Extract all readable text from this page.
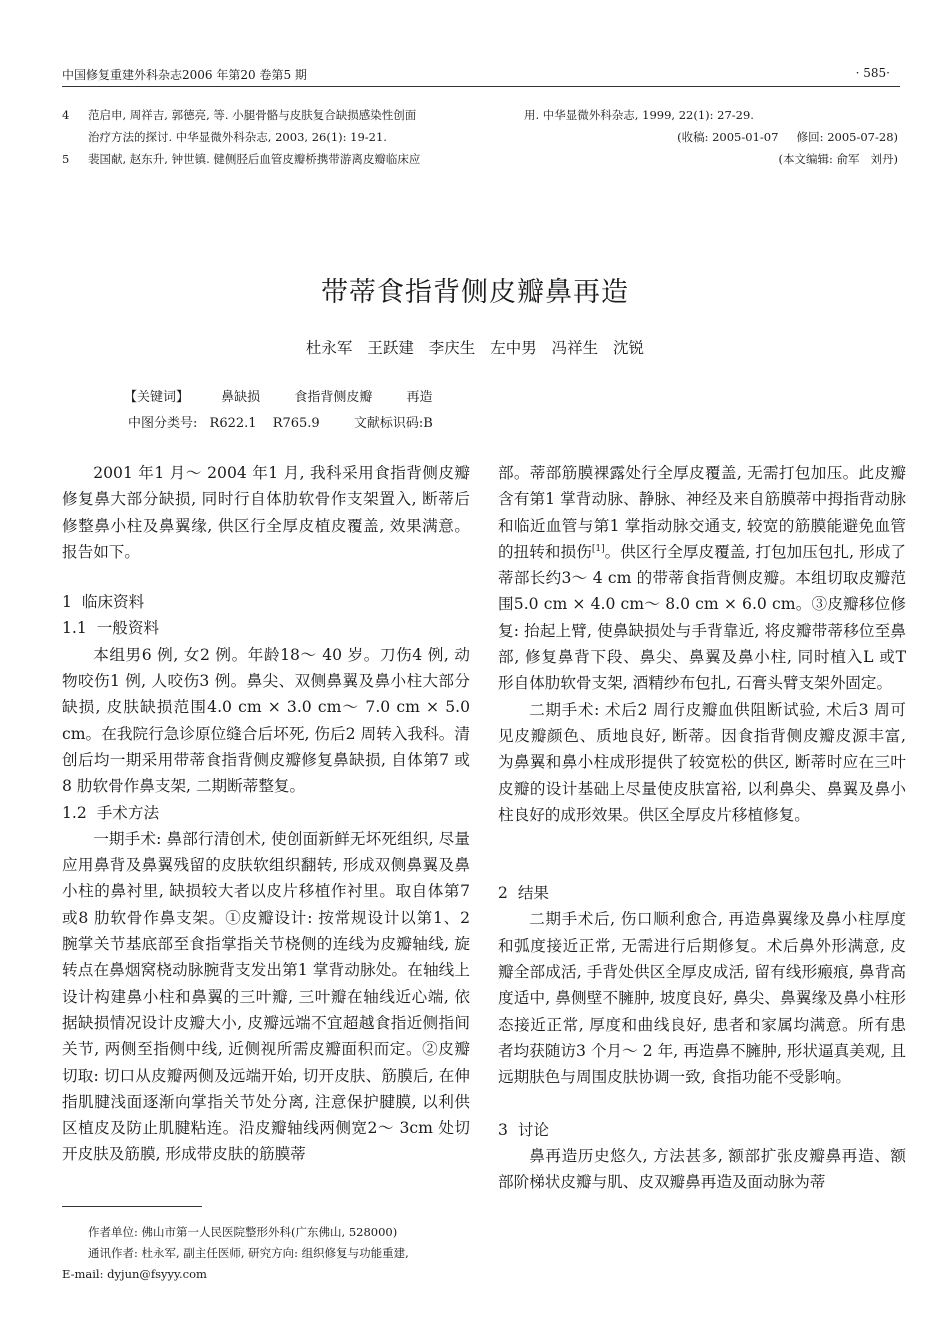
中国修复重建外科杂志2006 年第20 卷第5 期	· 585·
4 范启申, 周祥吉, 郭德亮, 等. 小腿骨骼与皮肤复合缺损感染性创面
治疗方法的探讨. 中华显微外科杂志, 2003, 26(1): 19-21.
5 裴国献, 赵东升, 钟世镇. 健侧胫后血管皮瓣桥携带游离皮瓣临床应
用. 中华显微外科杂志, 1999, 22(1): 27-29.
(收稿: 2005-01-07     修回: 2005-07-28)
(本文编辑: 俞军   刘丹)
带蒂食指背侧皮瓣鼻再造
杜永军 王跃建 李庆生 左中男 冯祥生 沈锐
【关键词】 鼻缺损	食指背侧皮瓣	再造
中图分类号: R622.1 R765.9	文献标识码:B

2001 年1 月～ 2004 年1 月, 我科采用食指背侧皮瓣修复鼻大部分缺损, 同时行自体肋软骨作支架置入, 断蒂后修整鼻小柱及鼻翼缘, 供区行全厚皮植皮覆盖, 效果满意。报告如下。

1  临床资料
1.1  一般资料

本组男6 例, 女2 例。年龄18～ 40 岁。刀伤4 例, 动物咬伤1 例, 人咬伤3 例。鼻尖、双侧鼻翼及鼻小柱大部分缺损, 皮肤缺损范围4.0 cm × 3.0 cm～ 7.0 cm × 5.0 cm。在我院行急诊原位缝合后坏死, 伤后2 周转入我科。清创后均一期采用带蒂食指背侧皮瓣修复鼻缺损, 自体第7 或8 肋软骨作鼻支架, 二期断蒂整复。

1.2  手术方法

一期手术: 鼻部行清创术, 使创面新鲜无坏死组织, 尽量应用鼻背及鼻翼残留的皮肤软组织翻转, 形成双侧鼻翼及鼻小柱的鼻衬里, 缺损较大者以皮片移植作衬里。取自体第7 或8 肋软骨作鼻支架。①皮瓣设计: 按常规设计以第1、2 腕掌关节基底部至食指掌指关节桡侧的连线为皮瓣轴线, 旋转点在鼻烟窝桡动脉腕背支发出第1 掌背动脉处。在轴线上设计构建鼻小柱和鼻翼的三叶瓣, 三叶瓣在轴线近心端, 依据缺损情况设计皮瓣大小, 皮瓣远端不宜超越食指近侧指间关节, 两侧至指侧中线, 近侧视所需皮瓣面积而定。②皮瓣切取: 切口从皮瓣两侧及远端开始, 切开皮肤、筋膜后, 在伸指肌腱浅面逐渐向掌指关节处分离, 注意保护腱膜, 以利供区植皮及防止肌腱粘连。沿皮瓣轴线两侧宽2～ 3cm 处切开皮肤及筋膜, 形成带皮肤的筋膜蒂

部。蒂部筋膜裸露处行全厚皮覆盖, 无需打包加压。此皮瓣含有第1 掌背动脉、静脉、神经及来自筋膜蒂中拇指背动脉和临近血管与第1 掌指动脉交通支, 较宽的筋膜能避免血管的扭转和损伤[1]。供区行全厚皮覆盖, 打包加压包扎, 形成了蒂部长约3～ 4 cm 的带蒂食指背侧皮瓣。本组切取皮瓣范围5.0 cm × 4.0 cm～ 8.0 cm × 6.0 cm。③皮瓣移位修复: 抬起上臂, 使鼻缺损处与手背靠近, 将皮瓣带蒂移位至鼻部, 修复鼻背下段、鼻尖、鼻翼及鼻小柱, 同时植入L 或T 形自体肋软骨支架, 酒精纱布包扎, 石膏头臂支架外固定。

二期手术: 术后2 周行皮瓣血供阻断试验, 术后3 周可见皮瓣颜色、质地良好, 断蒂。因食指背侧皮瓣皮源丰富, 为鼻翼和鼻小柱成形提供了较宽松的供区, 断蒂时应在三叶皮瓣的设计基础上尽量使皮肤富裕, 以利鼻尖、鼻翼及鼻小柱良好的成形效果。供区全厚皮片移植修复。

2  结果

二期手术后, 伤口顺利愈合, 再造鼻翼缘及鼻小柱厚度和弧度接近正常, 无需进行后期修复。术后鼻外形满意, 皮瓣全部成活, 手背处供区全厚皮成活, 留有线形瘢痕, 鼻背高度适中, 鼻侧壁不臃肿, 坡度良好, 鼻尖、鼻翼缘及鼻小柱形态接近正常, 厚度和曲线良好, 患者和家属均满意。所有患者均获随访3 个月～ 2 年, 再造鼻不臃肿, 形状逼真美观, 且远期肤色与周围皮肤协调一致, 食指功能不受影响。

3  讨论

鼻再造历史悠久, 方法甚多, 额部扩张皮瓣鼻再造、额部阶梯状皮瓣与肌、皮双瓣鼻再造及面动脉为蒂

作者单位: 佛山市第一人民医院整形外科(广东佛山, 528000)
通讯作者: 杜永军, 副主任医师, 研究方向: 组织修复与功能重建,
E-mail: dyjun@fsyyy.com
